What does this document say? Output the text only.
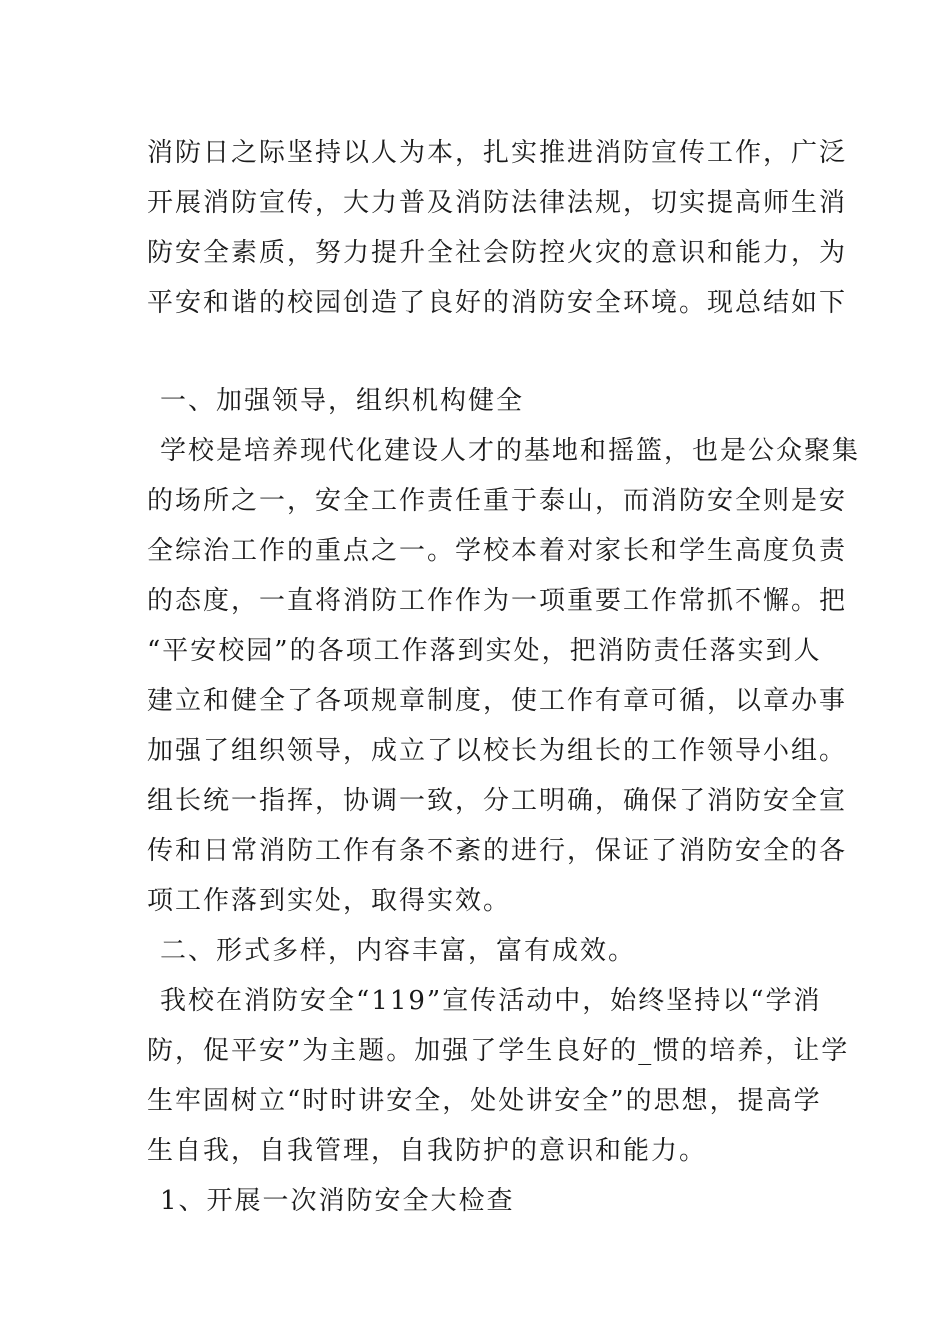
消防日之际坚持以人为本，扎实推进消防宣传工作，广泛
开展消防宣传，大力普及消防法律法规，切实提高师生消
防安全素质，努力提升全社会防控火灾的意识和能力，为
平安和谐的校园创造了良好的消防安全环境。现总结如下
一、加强领导，组织机构健全
学校是培养现代化建设人才的基地和摇篮，也是公众聚集
的场所之一，安全工作责任重于泰山，而消防安全则是安
全综治工作的重点之一。学校本着对家长和学生高度负责
的态度，一直将消防工作作为一项重要工作常抓不懈。把
“平安校园”的各项工作落到实处，把消防责任落实到人
建立和健全了各项规章制度，使工作有章可循，以章办事
加强了组织领导，成立了以校长为组长的工作领导小组。
组长统一指挥，协调一致，分工明确，确保了消防安全宣
传和日常消防工作有条不紊的进行，保证了消防安全的各
项工作落到实处，取得实效。
二、形式多样，内容丰富，富有成效。
我校在消防安全“119”宣传活动中，始终坚持以“学消
防，促平安”为主题。加强了学生良好的_惯的培养，让学
生牢固树立“时时讲安全，处处讲安全”的思想，提高学
生自我，自我管理，自我防护的意识和能力。
1、开展一次消防安全大检查
